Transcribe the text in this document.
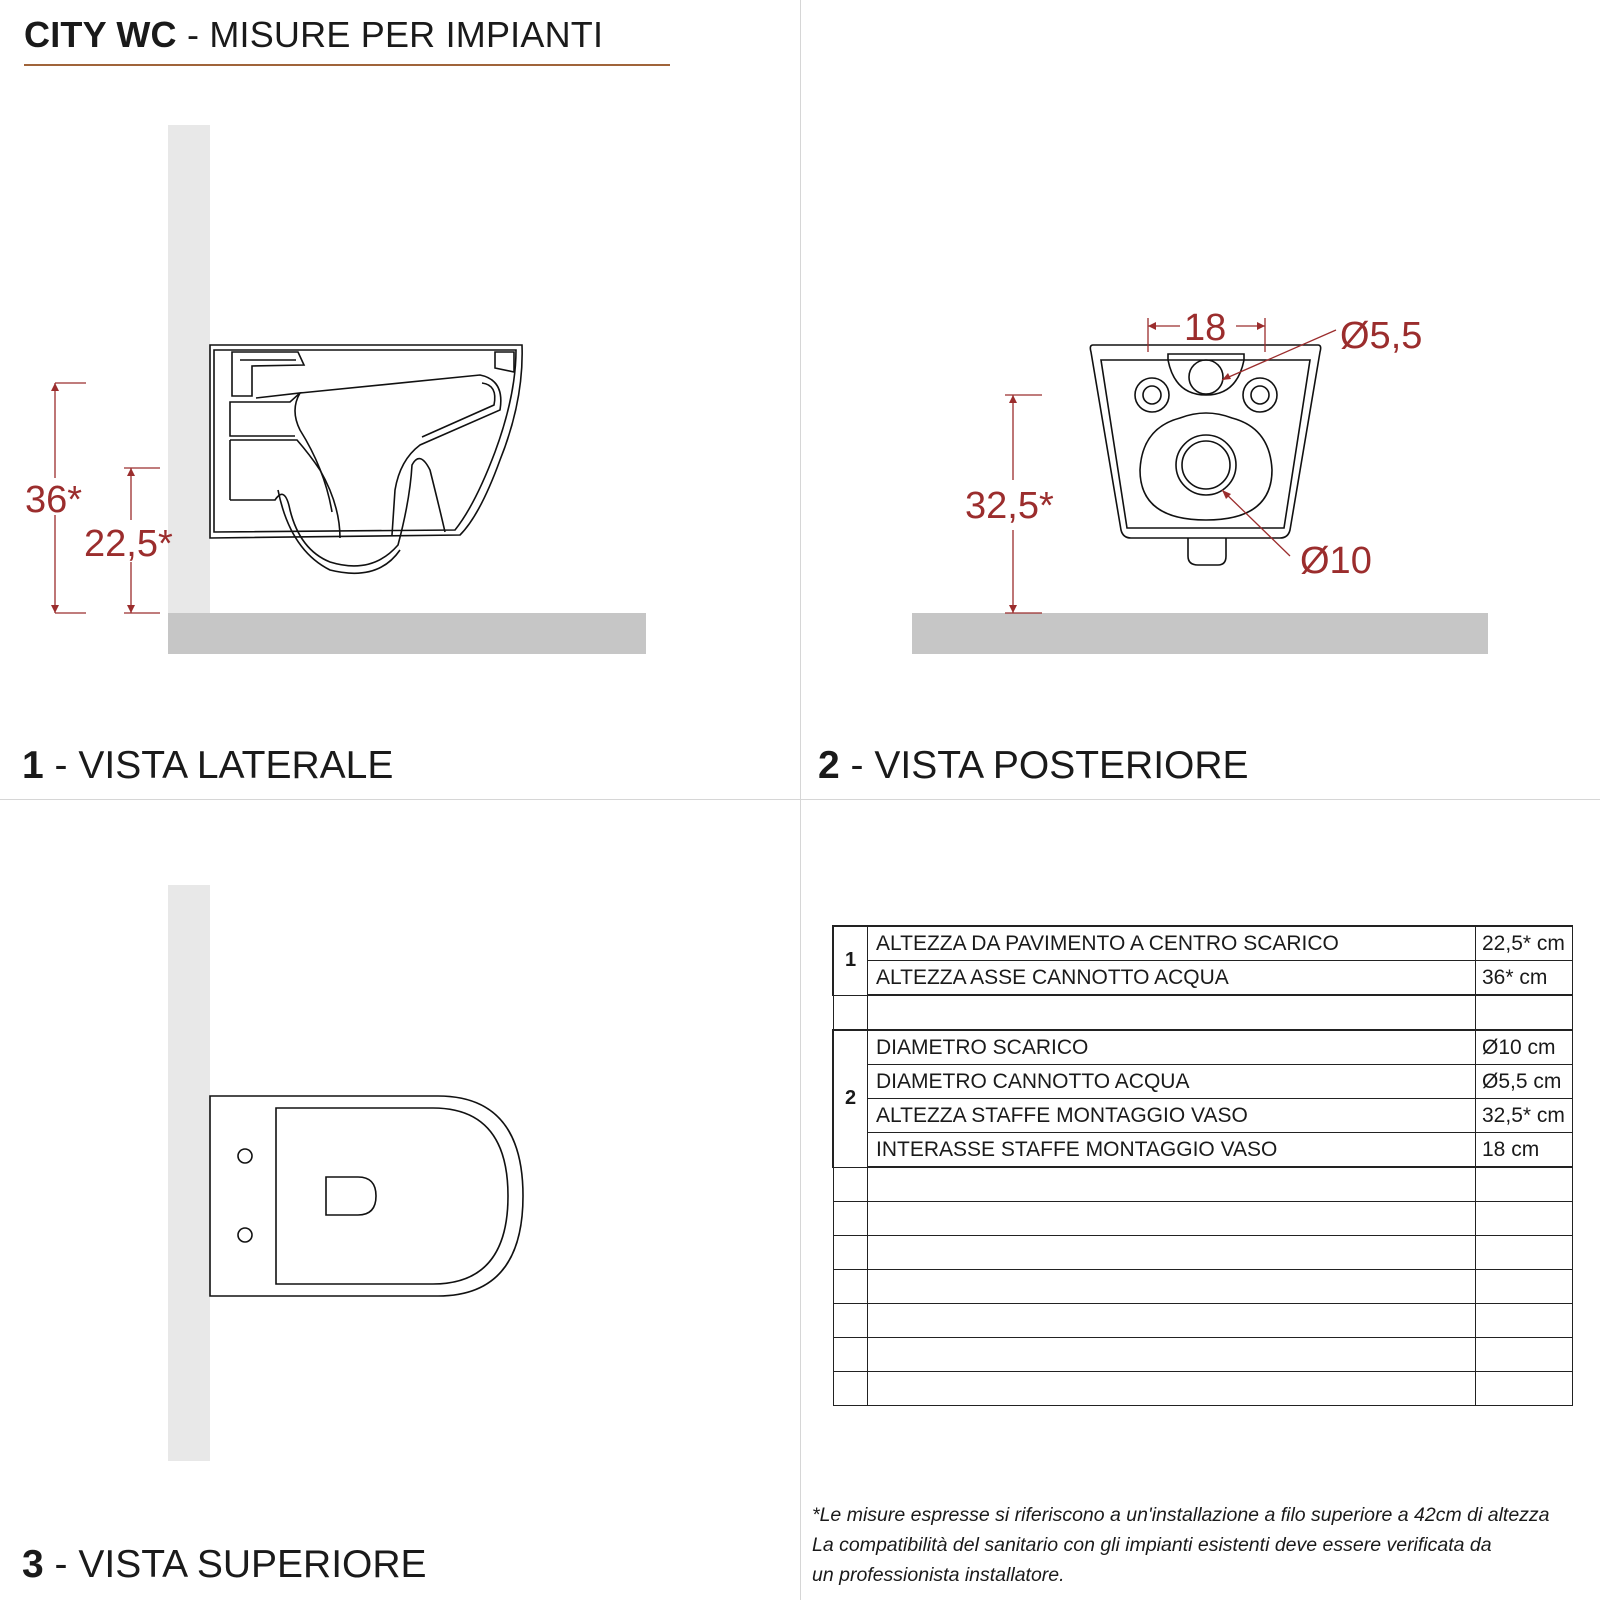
CITY WC - MISURE PER IMPIANTI
36*
22,5*
18	Ø5,5
Ø10
32,5*
1 - VISTA LATERALE	2 - VISTA POSTERIORE
3 - VISTA SUPERIORE
1	ALTEZZA DA PAVIMENTO A CENTRO SCARICO	22,5* cm
	ALTEZZA ASSE CANNOTTO ACQUA	36* cm

2	DIAMETRO SCARICO	Ø10 cm
	DIAMETRO CANNOTTO ACQUA	Ø5,5 cm
	ALTEZZA STAFFE MONTAGGIO VASO	32,5* cm
	INTERASSE STAFFE MONTAGGIO VASO	18 cm

*Le misure espresse si riferiscono a un'installazione a filo superiore a 42cm di altezza
La compatibilità del sanitario con gli impianti esistenti deve essere verificata da
un professionista installatore.
